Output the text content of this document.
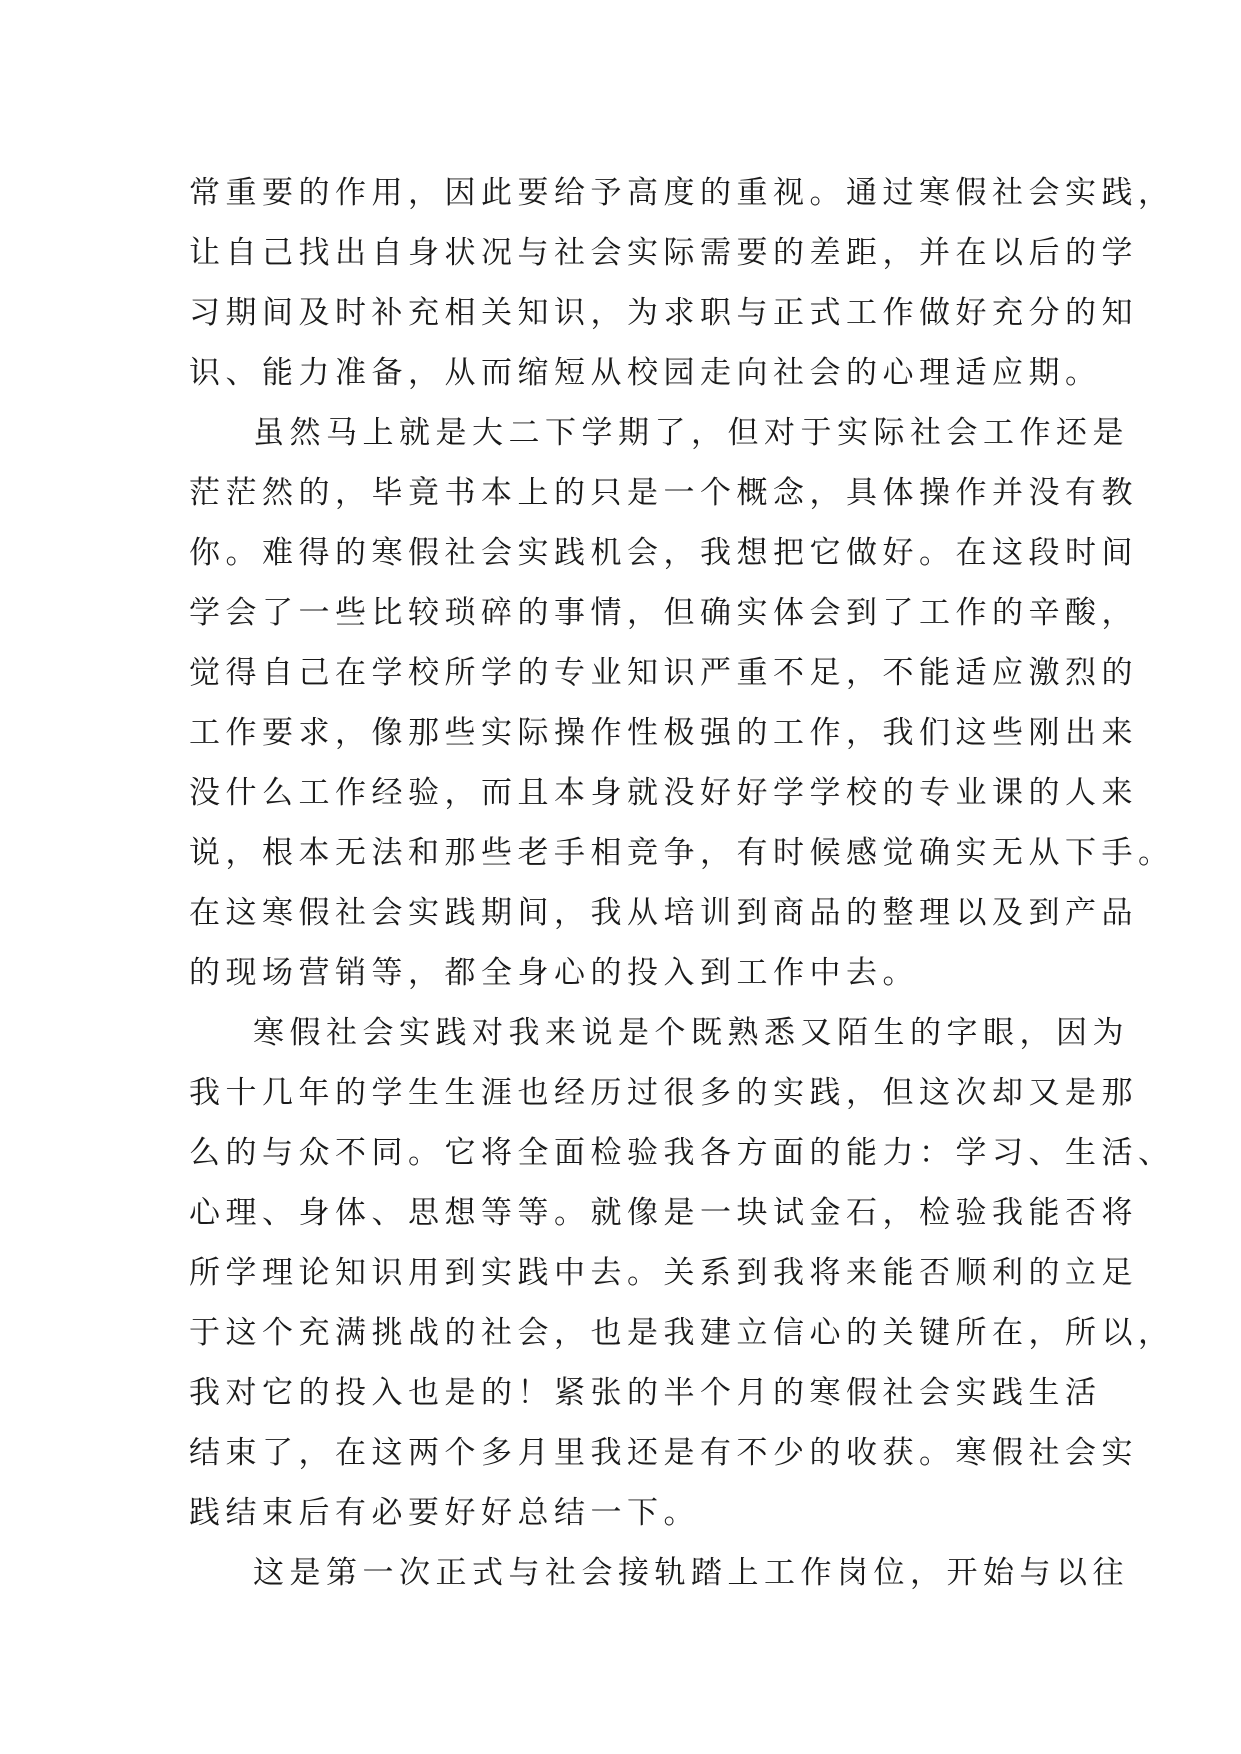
常重要的作用，因此要给予高度的重视。通过寒假社会实践，
让自己找出自身状况与社会实际需要的差距，并在以后的学
习期间及时补充相关知识，为求职与正式工作做好充分的知
识、能力准备，从而缩短从校园走向社会的心理适应期。
虽然马上就是大二下学期了，但对于实际社会工作还是
茫茫然的，毕竟书本上的只是一个概念，具体操作并没有教
你。难得的寒假社会实践机会，我想把它做好。在这段时间
学会了一些比较琐碎的事情，但确实体会到了工作的辛酸，
觉得自己在学校所学的专业知识严重不足，不能适应激烈的
工作要求，像那些实际操作性极强的工作，我们这些刚出来
没什么工作经验，而且本身就没好好学学校的专业课的人来
说，根本无法和那些老手相竞争，有时候感觉确实无从下手。
在这寒假社会实践期间，我从培训到商品的整理以及到产品
的现场营销等，都全身心的投入到工作中去。
寒假社会实践对我来说是个既熟悉又陌生的字眼，因为
我十几年的学生生涯也经历过很多的实践，但这次却又是那
么的与众不同。它将全面检验我各方面的能力：学习、生活、
心理、身体、思想等等。就像是一块试金石，检验我能否将
所学理论知识用到实践中去。关系到我将来能否顺利的立足
于这个充满挑战的社会，也是我建立信心的关键所在，所以，
我对它的投入也是的！紧张的半个月的寒假社会实践生活
结束了，在这两个多月里我还是有不少的收获。寒假社会实
践结束后有必要好好总结一下。
这是第一次正式与社会接轨踏上工作岗位，开始与以往
